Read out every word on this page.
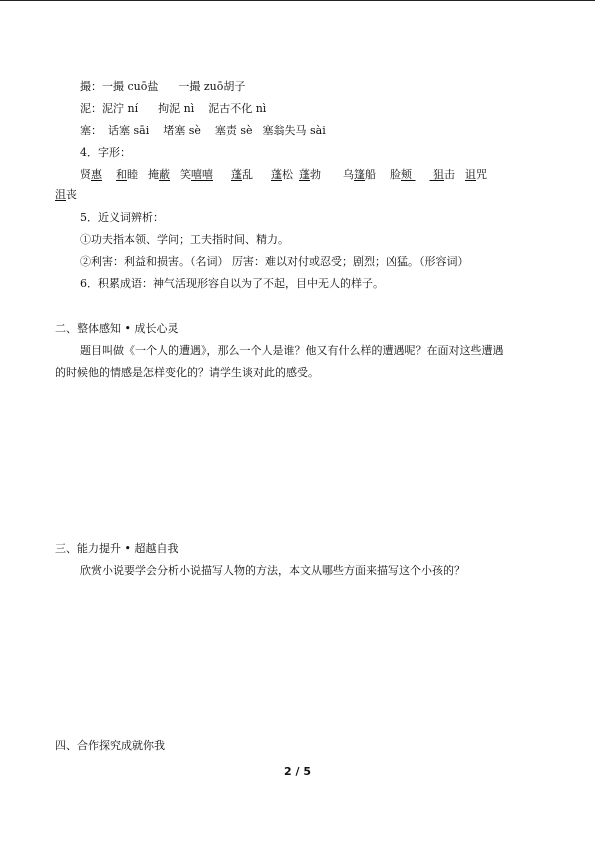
撮：一撮 cuō盐 一撮 zuō胡子
泥：泥泞 ní 拘泥 nì 泥古不化 nì
塞： 话塞 sāi 堵塞 sè 塞责 sè 塞翁失马 sài
4．字形：
贤惠 和睦 掩蔽 笑嘻嘻 蓬乱 蓬松 蓬勃 乌篷船 脸颊  狙击 诅咒
沮丧
5．近义词辨析：
①功夫指本领、学问；工夫指时间、精力。
②利害：利益和损害。（名词） 厉害：难以对付或忍受；剧烈；凶猛。（形容词）
6．积累成语：神气活现形容自以为了不起，目中无人的样子。
二、整体感知 • 成长心灵
题目叫做《一个人的遭遇》，那么一个人是谁？他又有什么样的遭遇呢？在面对这些遭遇
的时候他的情感是怎样变化的？请学生谈对此的感受。
三、能力提升 • 超越自我
欣赏小说要学会分析小说描写人物的方法，本文从哪些方面来描写这个小孩的？
四、合作探究成就你我
2 / 5
